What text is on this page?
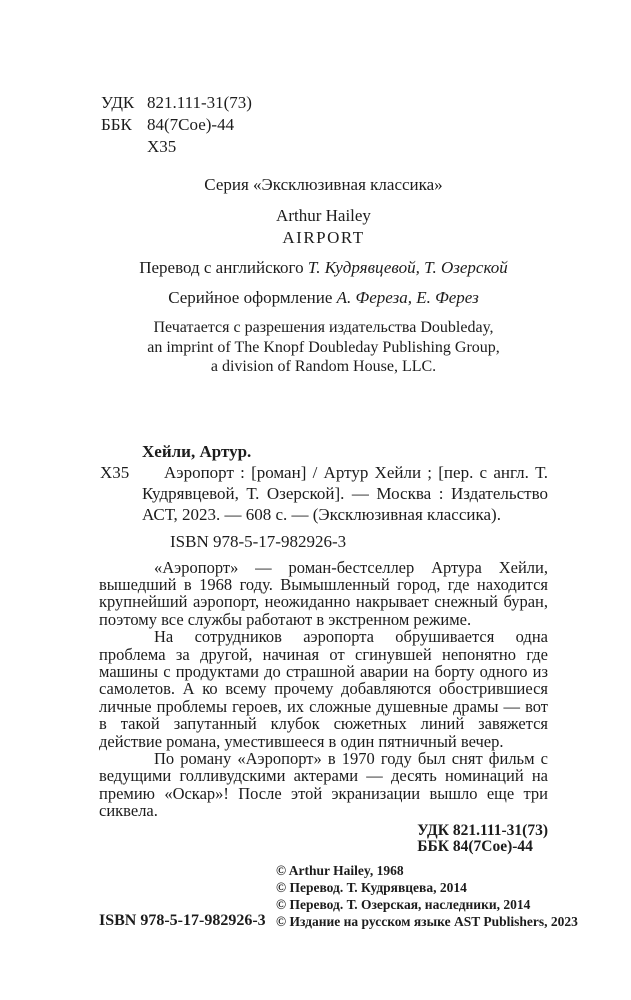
УДК 821.111-31(73)
ББК 84(7Сое)-44
Х35
Серия «Эксклюзивная классика»
Arthur Hailey
AIRPORT
Перевод с английского Т. Кудрявцевой, Т. Озерской
Серийное оформление А. Фереза, Е. Ферез
Печатается с разрешения издательства Doubleday,
an imprint of The Knopf Doubleday Publishing Group,
a division of Random House, LLC.
Хейли, Артур.
Х35	Аэропорт : [роман] / Артур Хейли ; [пер. с англ. Т. Кудрявцевой, Т. Озерской]. — Москва : Издательство АСТ, 2023. — 608 с. — (Эксклюзивная классика).

ISBN 978-5-17-982926-3

«Аэропорт» — роман-бестселлер Артура Хейли, вышедший в 1968 году. Вымышленный город, где находится крупнейший аэропорт, неожиданно накрывает снежный буран, поэтому все службы работают в экстренном режиме.

На сотрудников аэропорта обрушивается одна проблема за другой, начиная от сгинувшей непонятно где машины с продуктами до страшной аварии на борту одного из самолетов. А ко всему прочему добавляются обострившиеся личные проблемы героев, их сложные душевные драмы — вот в такой запутанный клубок сюжетных линий завяжется действие романа, уместившееся в один пятничный вечер.

По роману «Аэропорт» в 1970 году был снят фильм с ведущими голливудскими актерами — десять номинаций на премию «Оскар»! После этой экранизации вышло еще три сиквела.

УДК 821.111-31(73)
ББК 84(7Сое)-44
ISBN 978-5-17-982926-3
© Arthur Hailey, 1968
© Перевод. Т. Кудрявцева, 2014
© Перевод. Т. Озерская, наследники, 2014
© Издание на русском языке AST Publishers, 2023
